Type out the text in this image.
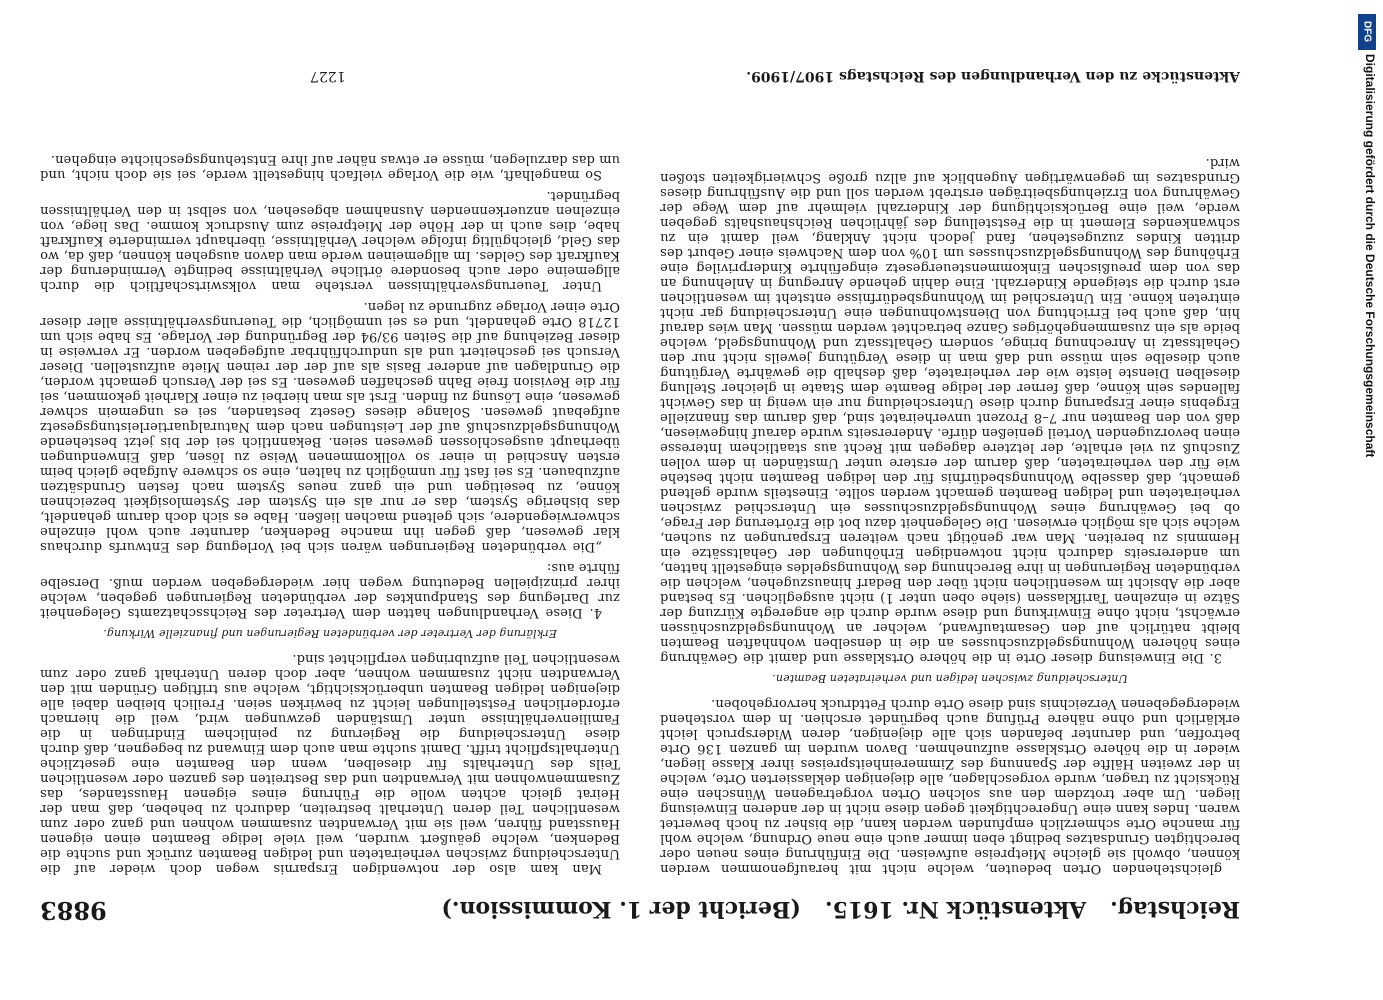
Reichstag.
Aktenstück Nr. 1615.
(Bericht der 1. Kommission.)
9883

gleichstehenden Orten bedeuten, welche nicht mit heraufgenommen werden können, obwohl sie gleiche Mietpreise aufweisen. Die Einführung eines neuen oder berechtigten Grundsatzes bedingt eben immer auch eine neue Ordnung, welche wohl für manche Orte schmerzlich empfunden werden kann, die bisher zu hoch bewertet waren. Indes kann eine Ungerechtigkeit gegen diese nicht in der anderen Einweisung liegen. Um aber trotzdem den aus solchen Orten vorgetragenen Wünschen eine Rücksicht zu tragen, wurde vorgeschlagen, alle diejenigen deklassierten Orte, welche in der zweiten Hälfte der Spannung des Zimmereinheitspreises ihrer Klasse liegen, wieder in die höhere Ortsklasse aufzunehmen. Davon wurden im ganzen 136 Orte betroffen, und darunter befanden sich alle diejenigen, deren Widerspruch leicht erklärlich und ohne nähere Prüfung auch begründet erschien. In dem vorstehend wiedergegebenen Verzeichnis sind diese Orte durch Fettdruck hervorgehoben.

Unterscheidung zwischen ledigen und verheirateten Beamten.

3. Die Einweisung dieser Orte in die höhere Ortsklasse und damit die Gewährung eines höheren Wohnungsgeldzuschusses an die in denselben wohnhaften Beamten bleibt natürlich auf den Gesamtaufwand, welcher an Wohnungsgeldzuschüssen erwächst, nicht ohne Einwirkung und diese wurde durch die angeregte Kürzung der Sätze in einzelnen Tarifklassen (siehe oben unter 1) nicht ausgeglichen. Es bestand aber die Absicht im wesentlichen nicht über den Bedarf hinauszugehen, welchen die verbündeten Regierungen in ihre Berechnung des Wohnungsgeldes eingestellt hatten, um andererseits dadurch nicht notwendigen Erhöhungen der Gehaltssätze ein Hemmnis zu bereiten. Man war genötigt nach weiteren Ersparungen zu suchen, welche sich als möglich erwiesen. Die Gelegenheit dazu bot die Erörterung der Frage, ob bei Gewährung eines Wohnungsgeldzuschusses ein Unterschied zwischen verheirateten und ledigen Beamten gemacht werden sollte. Einesteils wurde geltend gemacht, daß dasselbe Wohnungsbedürfnis für den ledigen Beamten nicht bestehe wie für den verheirateten, daß darum der erstere unter Umständen in dem vollen Zuschuß zu viel erhalte, der letztere dagegen mit Recht aus staatlichem Interesse einen bevorzugenden Vorteil genießen dürfe. Andererseits wurde darauf hingewiesen, daß von den Beamten nur 7–8 Prozent unverheiratet sind, daß darum das finanzielle Ergebnis einer Ersparung durch diese Unterscheidung nur ein wenig in das Gewicht fallendes sein könne, daß ferner der ledige Beamte dem Staate in gleicher Stellung dieselben Dienste leiste wie der verheiratete, daß deshalb die gewährte Vergütung auch dieselbe sein müsse und daß man in diese Vergütung jeweils nicht nur den Gehaltssatz in Anrechnung bringe, sondern Gehaltssatz und Wohnungsgeld, welche beide als ein zusammengehöriges Ganze betrachtet werden müssen. Man wies darauf hin, daß auch bei Errichtung von Dienstwohnungen eine Unterscheidung gar nicht eintreten könne. Ein Unterschied im Wohnungsbedürfnisse entsteht im wesentlichen erst durch die steigende Kinderzahl. Eine dahin gehende Anregung in Anlehnung an das von dem preußischen Einkommensteuergesetz eingeführte Kinderprivileg eine Erhöhung des Wohnungsgeldzuschusses um 10% von dem Nachweis einer Geburt des dritten Kindes zuzugestehen, fand jedoch nicht Anklang, weil damit ein zu schwankendes Element in die Feststellung des jährlichen Reichshaushalts gegeben werde, weil eine Berücksichtigung der Kinderzahl vielmehr auf dem Wege der Gewährung von Erziehungsbeiträgen erstrebt werden soll und die Ausführung dieses Grundsatzes im gegenwärtigen Augenblick auf allzu große Schwierigkeiten stoßen wird.

Man kam also der notwendigen Ersparnis wegen doch wieder auf die Unterscheidung zwischen verheirateten und ledigen Beamten zurück und suchte die Bedenken, welche geäußert wurden, weil viele ledige Beamten einen eigenen Hausstand führen, weil sie mit Verwandten zusammen wohnen und ganz oder zum wesentlichen Teil deren Unterhalt bestreiten, dadurch zu beheben, daß man der Heirat gleich achten wolle die Führung eines eigenen Hausstandes, das Zusammenwohnen mit Verwandten und das Bestreiten des ganzen oder wesentlichen Teils des Unterhalts für dieselben, wenn den Beamten eine gesetzliche Unterhaltspflicht trifft. Damit suchte man auch dem Einwand zu begegnen, daß durch diese Unterscheidung die Regierung zu peinlichem Eindringen in die Familienverhältnisse unter Umständen gezwungen wird, weil die hiernach erforderlichen Feststellungen leicht zu bewirken seien. Freilich bleiben dabei alle diejenigen ledigen Beamten unberücksichtigt, welche aus triftigen Gründen mit den Verwandten nicht zusammen wohnen, aber doch deren Unterhalt ganz oder zum wesentlichen Teil aufzubringen verpflichtet sind.

Erklärung der Vertreter der verbündeten Regierungen und finanzielle Wirkung.

4. Diese Verhandlungen hatten dem Vertreter des Reichsschatzamts Gelegenheit zur Darlegung des Standpunktes der verbündeten Regierungen gegeben, welche ihrer prinzipiellen Bedeutung wegen hier wiedergegeben werden muß. Derselbe führte aus:

„Die verbündeten Regierungen wären sich bei Vorlegung des Entwurfs durchaus klar gewesen, daß gegen ihn manche Bedenken, darunter auch wohl einzelne schwerwiegendere, sich geltend machen ließen. Habe es sich doch darum gehandelt, das bisherige System, das er nur als ein System der Systemlosigkeit bezeichnen könne, zu beseitigen und ein ganz neues System nach festen Grundsätzen aufzubauen. Es sei fast für unmöglich zu halten, eine so schwere Aufgabe gleich beim ersten Anschied in einer so vollkommenen Weise zu lösen, daß Einwendungen überhaupt ausgeschlossen gewesen seien. Bekanntlich sei der bis jetzt bestehende Wohnungsgeldzuschuß auf der Leistungen nach dem Naturalquartierleistungsgesetz aufgebaut gewesen. Solange dieses Gesetz bestanden, sei es ungemein schwer gewesen, eine Lösung zu finden. Erst als man hierbei zu einer Klarheit gekommen, sei für die Revision freie Bahn geschaffen gewesen. Es sei der Versuch gemacht worden, die Grundlagen auf anderer Basis als auf der der reinen Miete aufzustellen. Dieser Versuch sei gescheitert und als undurchführbar aufgegeben worden. Er verweise in dieser Beziehung auf die Seiten 93/94 der Begründung der Vorlage. Es habe sich um 12718 Orte gehandelt, und es sei unmöglich, die Teuerungsverhältnisse aller dieser Orte einer Vorlage zugrunde zu legen.

Unter Teuerungsverhältnissen verstehe man volkswirtschaftlich die durch allgemeine oder auch besondere örtliche Verhältnisse bedingte Verminderung der Kaufkraft des Geldes. Im allgemeinen werde man davon ausgehen können, daß da, wo das Geld, gleichgültig infolge welcher Verhältnisse, überhaupt verminderte Kaufkraft habe, dies auch in der Höhe der Mietpreise zum Ausdruck komme. Das liege, von einzelnen anzuerkennenden Ausnahmen abgesehen, von selbst in den Verhältnissen begründet.

So mangelhaft, wie die Vorlage vielfach hingestellt werde, sei sie doch nicht, und um das darzulegen, müsse er etwas näher auf ihre Entstehungsgeschichte eingehen.

Aktenstücke zu den Verhandlungen des Reichstags 1907/1909.
1227
DFG
Digitalisierung gefördert durch die Deutsche Forschungsgemeinschaft
